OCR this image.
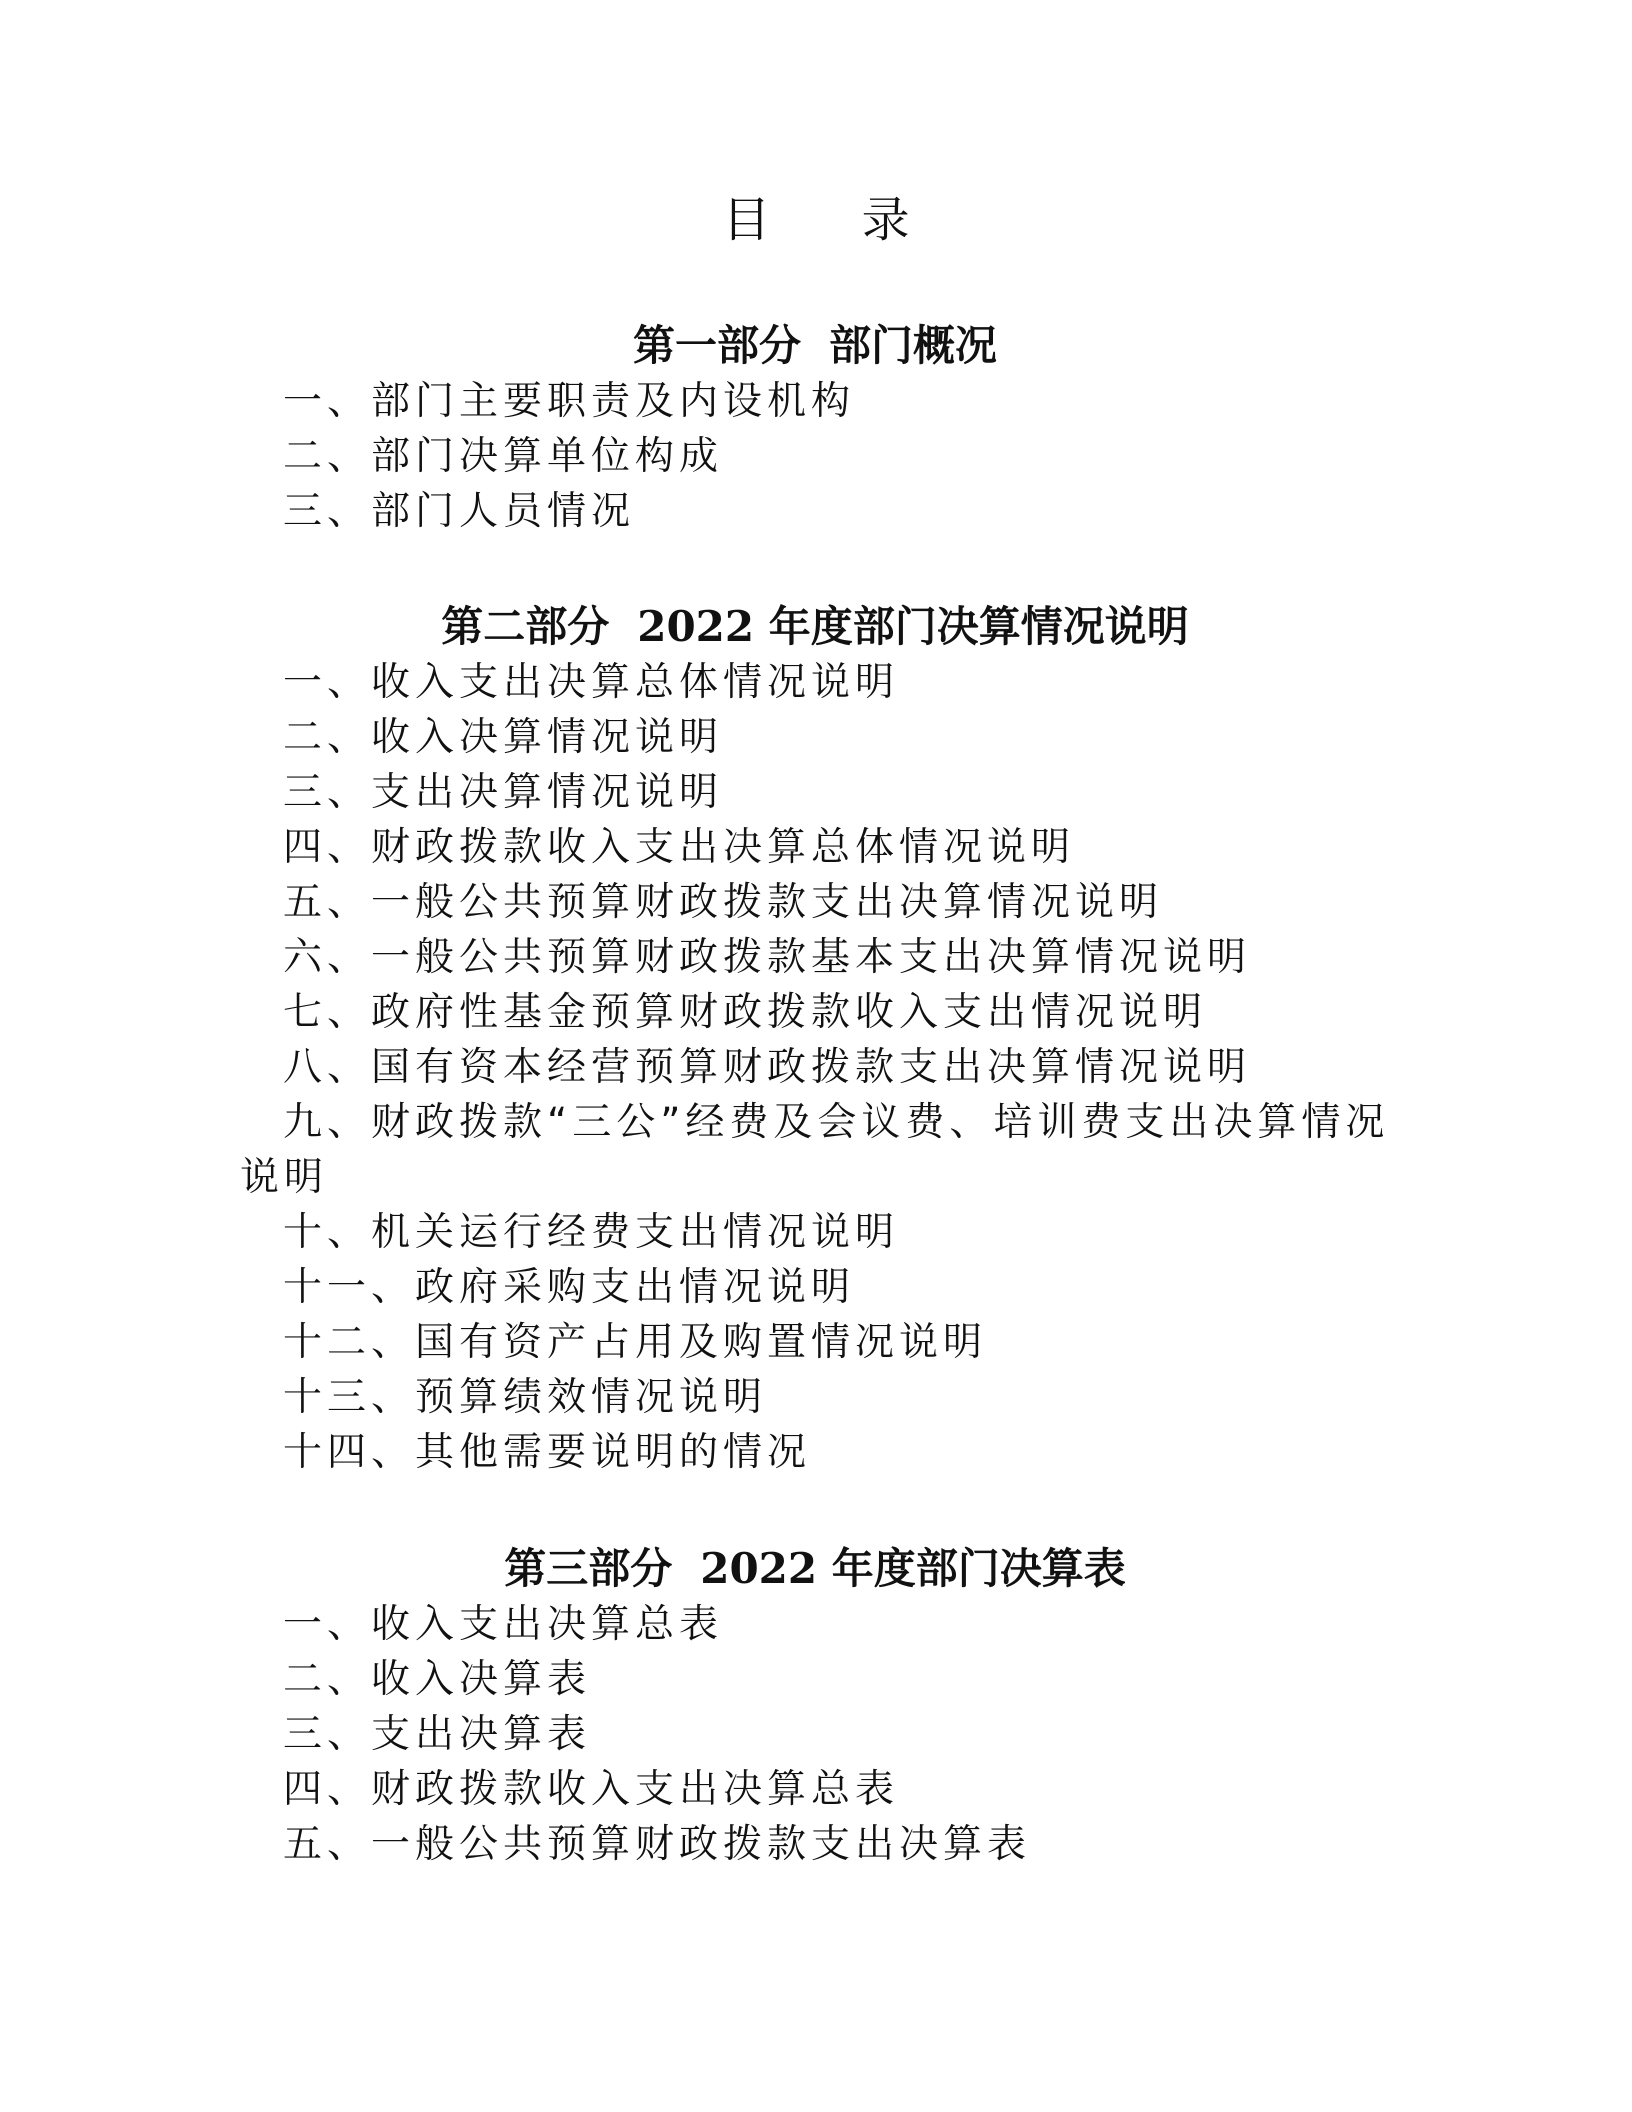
目 录
第一部分 部门概况
一、部门主要职责及内设机构
二、部门决算单位构成
三、部门人员情况
第二部分 2022 年度部门决算情况说明
一、收入支出决算总体情况说明
二、收入决算情况说明
三、支出决算情况说明
四、财政拨款收入支出决算总体情况说明
五、一般公共预算财政拨款支出决算情况说明
六、一般公共预算财政拨款基本支出决算情况说明
七、政府性基金预算财政拨款收入支出情况说明
八、国有资本经营预算财政拨款支出决算情况说明
九、财政拨款“三公”经费及会议费、培训费支出决算情况说明
十、机关运行经费支出情况说明
十一、政府采购支出情况说明
十二、国有资产占用及购置情况说明
十三、预算绩效情况说明
十四、其他需要说明的情况
第三部分 2022 年度部门决算表
一、收入支出决算总表
二、收入决算表
三、支出决算表
四、财政拨款收入支出决算总表
五、一般公共预算财政拨款支出决算表
